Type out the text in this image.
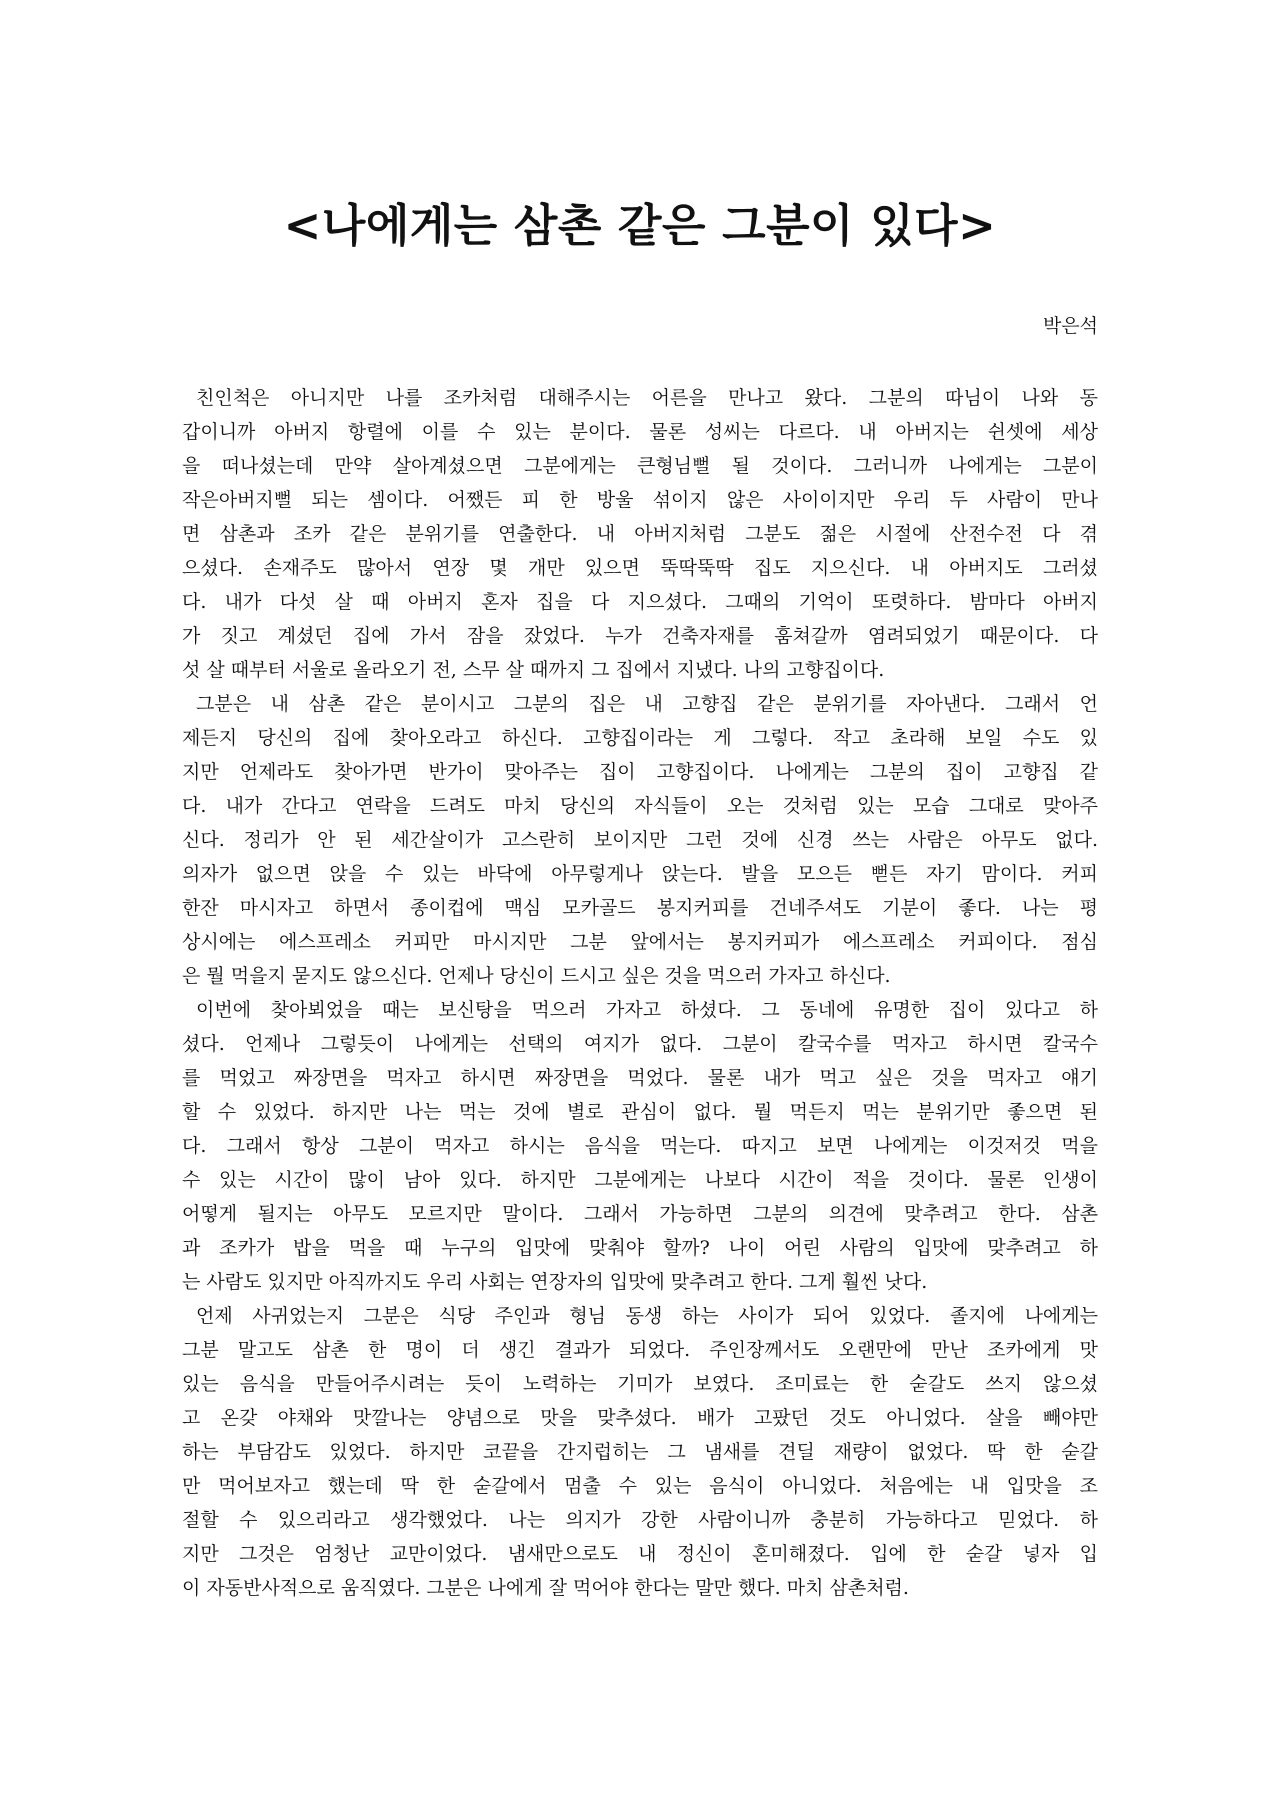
<나에게는 삼촌 같은 그분이 있다>
박은석
친인척은 아니지만 나를 조카처럼 대해주시는 어른을 만나고 왔다. 그분의 따님이 나와 동
갑이니까 아버지 항렬에 이를 수 있는 분이다. 물론 성씨는 다르다. 내 아버지는 쉰셋에 세상
을 떠나셨는데 만약 살아계셨으면 그분에게는 큰형님뻘 될 것이다. 그러니까 나에게는 그분이
작은아버지뻘 되는 셈이다. 어쨌든 피 한 방울 섞이지 않은 사이이지만 우리 두 사람이 만나
면 삼촌과 조카 같은 분위기를 연출한다. 내 아버지처럼 그분도 젊은 시절에 산전수전 다 겪
으셨다. 손재주도 많아서 연장 몇 개만 있으면 뚝딱뚝딱 집도 지으신다. 내 아버지도 그러셨
다. 내가 다섯 살 때 아버지 혼자 집을 다 지으셨다. 그때의 기억이 또렷하다. 밤마다 아버지
가 짓고 계셨던 집에 가서 잠을 잤었다. 누가 건축자재를 훔쳐갈까 염려되었기 때문이다. 다
섯 살 때부터 서울로 올라오기 전, 스무 살 때까지 그 집에서 지냈다. 나의 고향집이다.
그분은 내 삼촌 같은 분이시고 그분의 집은 내 고향집 같은 분위기를 자아낸다. 그래서 언
제든지 당신의 집에 찾아오라고 하신다. 고향집이라는 게 그렇다. 작고 초라해 보일 수도 있
지만 언제라도 찾아가면 반가이 맞아주는 집이 고향집이다. 나에게는 그분의 집이 고향집 같
다. 내가 간다고 연락을 드려도 마치 당신의 자식들이 오는 것처럼 있는 모습 그대로 맞아주
신다. 정리가 안 된 세간살이가 고스란히 보이지만 그런 것에 신경 쓰는 사람은 아무도 없다.
의자가 없으면 앉을 수 있는 바닥에 아무렇게나 앉는다. 발을 모으든 뻗든 자기 맘이다. 커피
한잔 마시자고 하면서 종이컵에 맥심 모카골드 봉지커피를 건네주셔도 기분이 좋다. 나는 평
상시에는 에스프레소 커피만 마시지만 그분 앞에서는 봉지커피가 에스프레소 커피이다. 점심
은 뭘 먹을지 묻지도 않으신다. 언제나 당신이 드시고 싶은 것을 먹으러 가자고 하신다.
이번에 찾아뵈었을 때는 보신탕을 먹으러 가자고 하셨다. 그 동네에 유명한 집이 있다고 하
셨다. 언제나 그렇듯이 나에게는 선택의 여지가 없다. 그분이 칼국수를 먹자고 하시면 칼국수
를 먹었고 짜장면을 먹자고 하시면 짜장면을 먹었다. 물론 내가 먹고 싶은 것을 먹자고 얘기
할 수 있었다. 하지만 나는 먹는 것에 별로 관심이 없다. 뭘 먹든지 먹는 분위기만 좋으면 된
다. 그래서 항상 그분이 먹자고 하시는 음식을 먹는다. 따지고 보면 나에게는 이것저것 먹을
수 있는 시간이 많이 남아 있다. 하지만 그분에게는 나보다 시간이 적을 것이다. 물론 인생이
어떻게 될지는 아무도 모르지만 말이다. 그래서 가능하면 그분의 의견에 맞추려고 한다. 삼촌
과 조카가 밥을 먹을 때 누구의 입맛에 맞춰야 할까? 나이 어린 사람의 입맛에 맞추려고 하
는 사람도 있지만 아직까지도 우리 사회는 연장자의 입맛에 맞추려고 한다. 그게 훨씬 낫다.
언제 사귀었는지 그분은 식당 주인과 형님 동생 하는 사이가 되어 있었다. 졸지에 나에게는
그분 말고도 삼촌 한 명이 더 생긴 결과가 되었다. 주인장께서도 오랜만에 만난 조카에게 맛
있는 음식을 만들어주시려는 듯이 노력하는 기미가 보였다. 조미료는 한 숟갈도 쓰지 않으셨
고 온갖 야채와 맛깔나는 양념으로 맛을 맞추셨다. 배가 고팠던 것도 아니었다. 살을 빼야만
하는 부담감도 있었다. 하지만 코끝을 간지럽히는 그 냄새를 견딜 재량이 없었다. 딱 한 숟갈
만 먹어보자고 했는데 딱 한 숟갈에서 멈출 수 있는 음식이 아니었다. 처음에는 내 입맛을 조
절할 수 있으리라고 생각했었다. 나는 의지가 강한 사람이니까 충분히 가능하다고 믿었다. 하
지만 그것은 엄청난 교만이었다. 냄새만으로도 내 정신이 혼미해졌다. 입에 한 숟갈 넣자 입
이 자동반사적으로 움직였다. 그분은 나에게 잘 먹어야 한다는 말만 했다. 마치 삼촌처럼.
